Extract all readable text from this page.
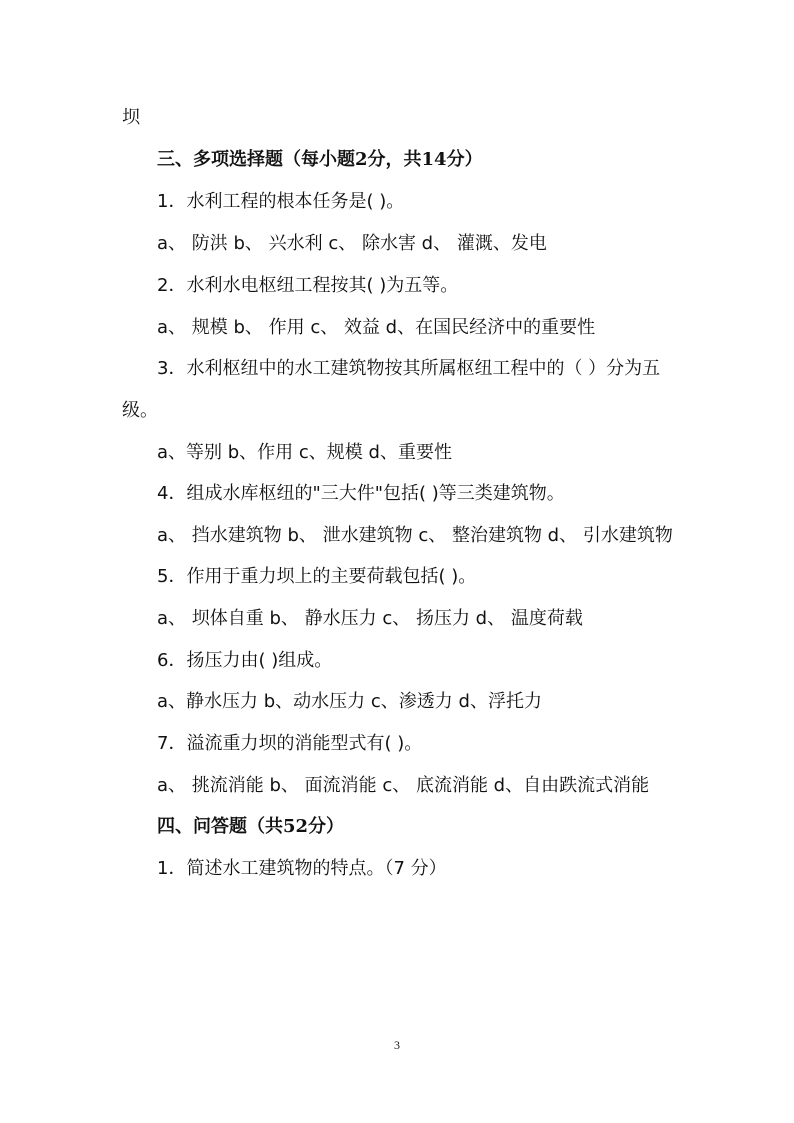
坝
三、多项选择题（每小题2分，共14分）
1．水利工程的根本任务是( )。
a、 防洪 b、 兴水利 c、 除水害 d、 灌溉、发电
2．水利水电枢纽工程按其( )为五等。
a、 规模 b、 作用 c、 效益 d、在国民经济中的重要性
3．水利枢纽中的水工建筑物按其所属枢纽工程中的（ ）分为五
级。
a、等别 b、作用 c、规模 d、重要性
4．组成水库枢纽的"三大件"包括( )等三类建筑物。
a、 挡水建筑物 b、 泄水建筑物 c、 整治建筑物 d、 引水建筑物
5．作用于重力坝上的主要荷载包括( )。
a、 坝体自重 b、 静水压力 c、 扬压力 d、 温度荷载
6．扬压力由( )组成。
a、静水压力 b、动水压力 c、渗透力 d、浮托力
7．溢流重力坝的消能型式有( )。
a、 挑流消能 b、 面流消能 c、 底流消能 d、自由跌流式消能
四、问答题（共52分）
1．简述水工建筑物的特点。（7 分）
3
